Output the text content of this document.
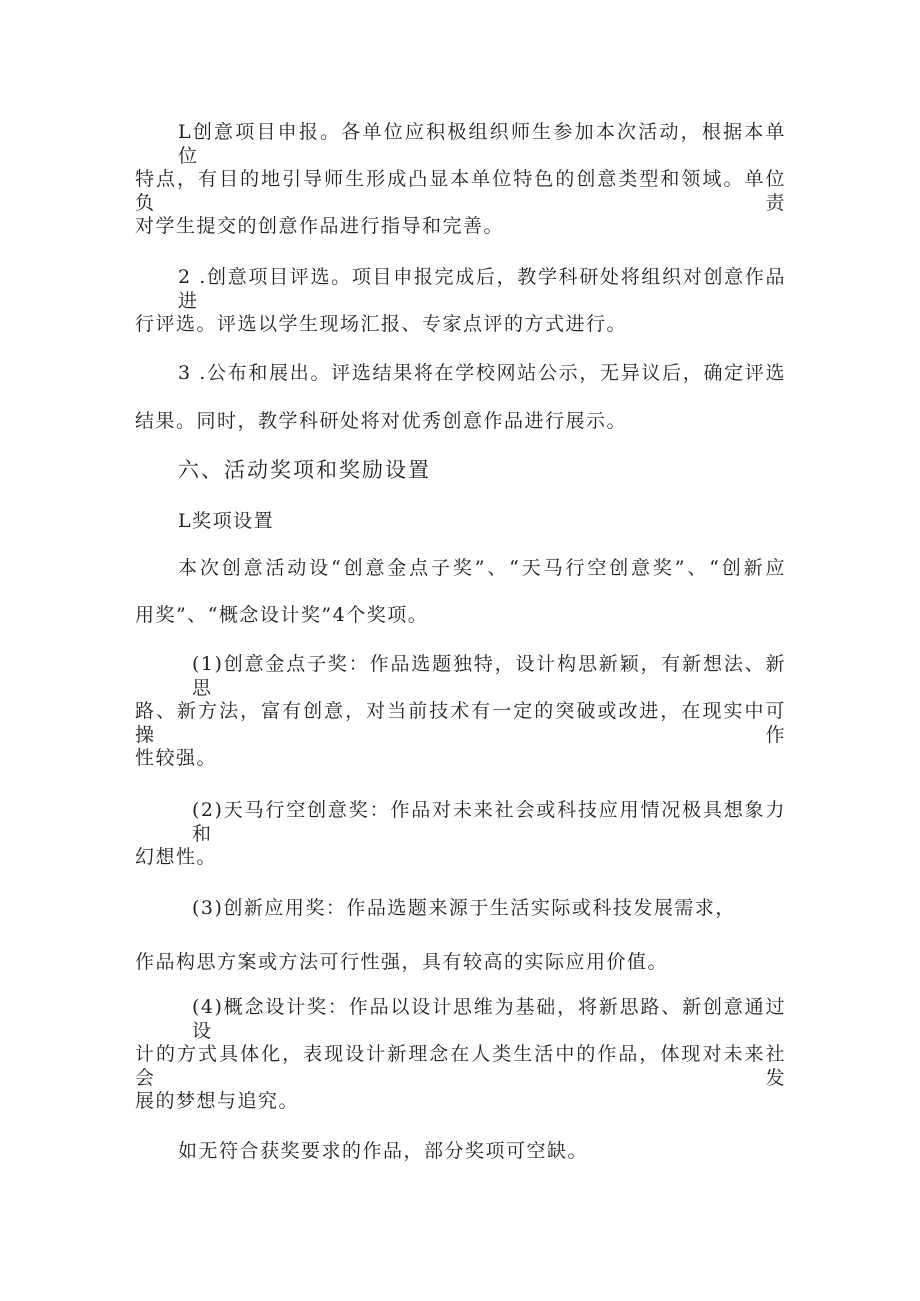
L创意项目申报。各单位应积极组织师生参加本次活动，根据本单位
特点，有目的地引导师生形成凸显本单位特色的创意类型和领域。单位负责
对学生提交的创意作品进行指导和完善。
2 .创意项目评选。项目申报完成后，教学科研处将组织对创意作品进
行评选。评选以学生现场汇报、专家点评的方式进行。
3 .公布和展出。评选结果将在学校网站公示，无异议后，确定评选
结果。同时，教学科研处将对优秀创意作品进行展示。
六、活动奖项和奖励设置
L奖项设置
本次创意活动设“创意金点子奖”、“天马行空创意奖”、“创新应
用奖”、“概念设计奖”4个奖项。
(1)创意金点子奖：作品选题独特，设计构思新颖，有新想法、新思
路、新方法，富有创意，对当前技术有一定的突破或改进，在现实中可操作
性较强。
(2)天马行空创意奖：作品对未来社会或科技应用情况极具想象力和
幻想性。
(3)创新应用奖：作品选题来源于生活实际或科技发展需求，
作品构思方案或方法可行性强，具有较高的实际应用价值。
(4)概念设计奖：作品以设计思维为基础，将新思路、新创意通过设
计的方式具体化，表现设计新理念在人类生活中的作品，体现对未来社会发
展的梦想与追究。
如无符合获奖要求的作品，部分奖项可空缺。
